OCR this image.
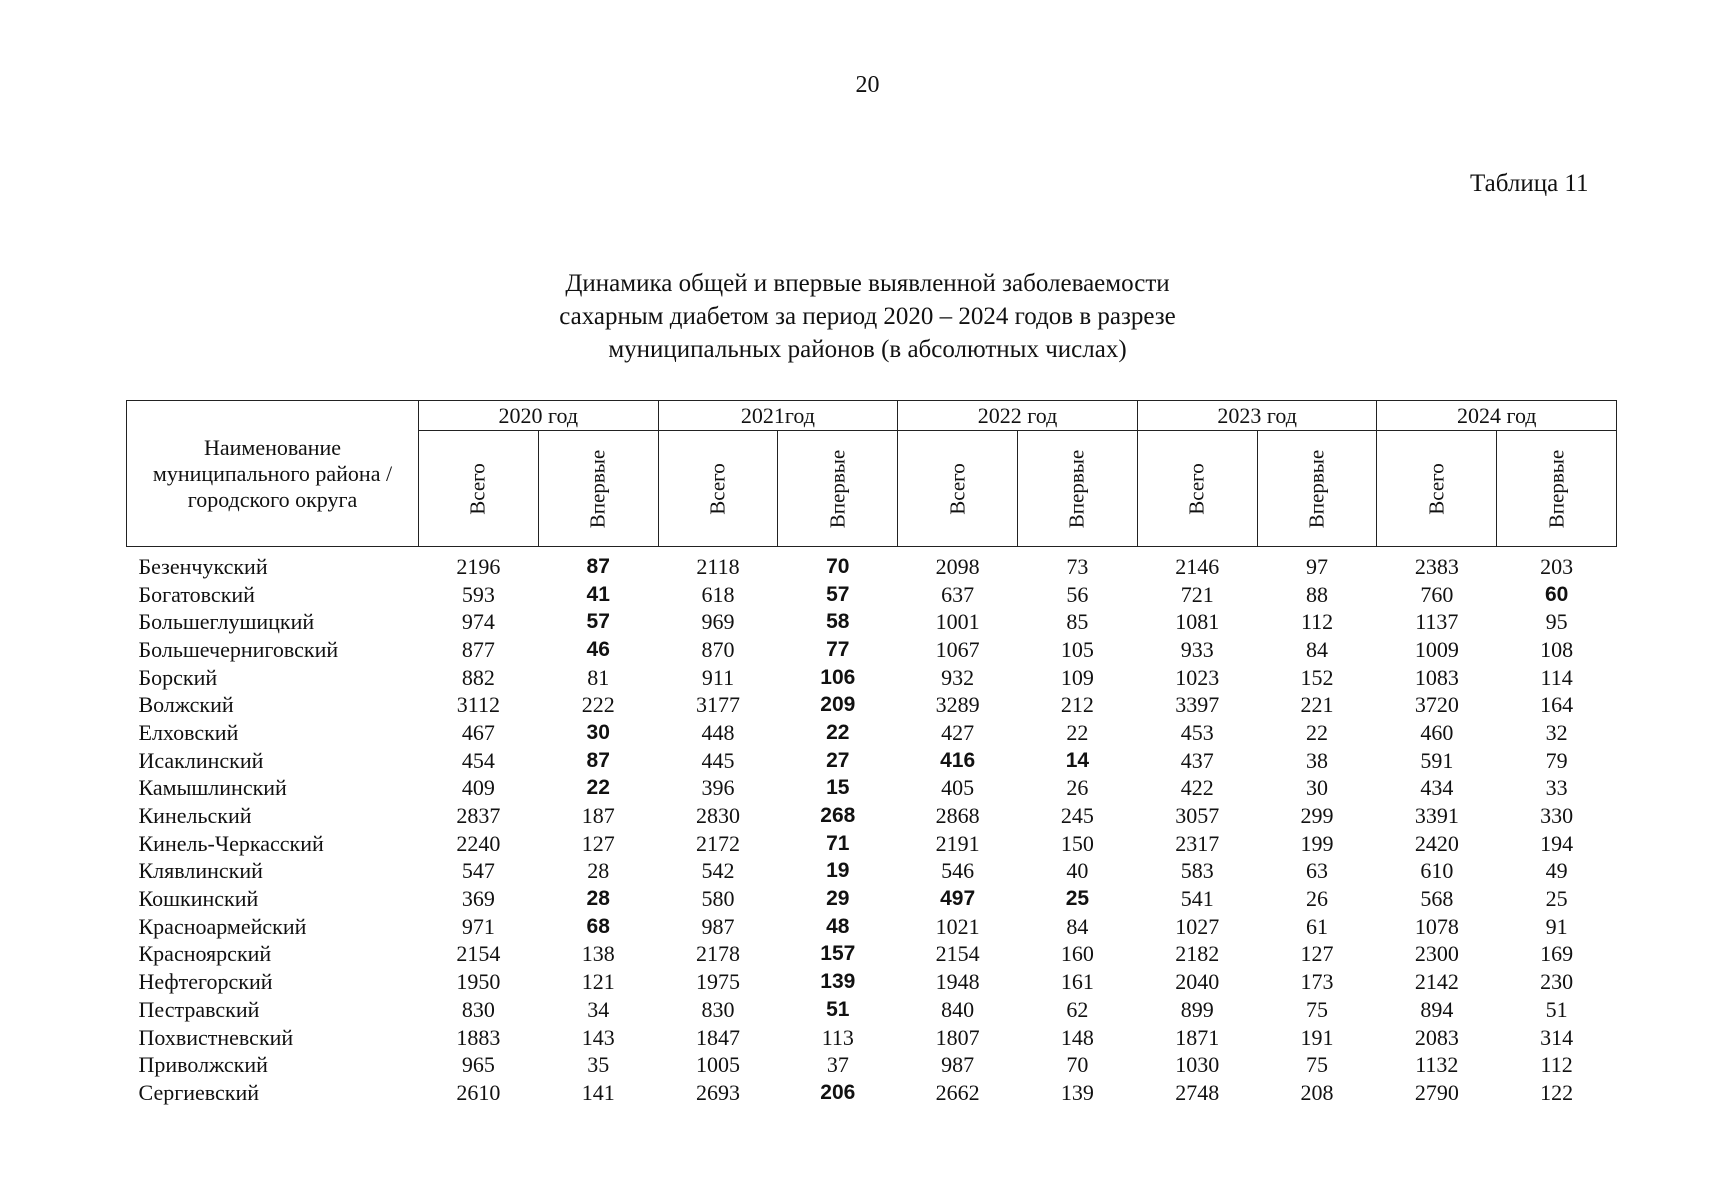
20
Таблица 11
Динамика общей и впервые выявленной заболеваемости
сахарным диабетом за период 2020 – 2024 годов в разрезе
муниципальных районов (в абсолютных числах)
Наименование
муниципального района /
городского округа	2020 год		2021год		2022 год		2023 год		2024 год	

	Всего	Впервые	Всего	Впервые	Всего	Впервые	Всего	Впервые	Всего	Впервые

Безенчукский	2196	87	2118	70	2098	73	2146	97	2383	203
Богатовский	593	41	618	57	637	56	721	88	760	60
Большеглушицкий	974	57	969	58	1001	85	1081	112	1137	95
Большечерниговский	877	46	870	77	1067	105	933	84	1009	108
Борский	882	81	911	106	932	109	1023	152	1083	114
Волжский	3112	222	3177	209	3289	212	3397	221	3720	164
Елховский	467	30	448	22	427	22	453	22	460	32
Исаклинский	454	87	445	27	416	14	437	38	591	79
Камышлинский	409	22	396	15	405	26	422	30	434	33
Кинельский	2837	187	2830	268	2868	245	3057	299	3391	330
Кинель-Черкасский	2240	127	2172	71	2191	150	2317	199	2420	194
Клявлинский	547	28	542	19	546	40	583	63	610	49
Кошкинский	369	28	580	29	497	25	541	26	568	25
Красноармейский	971	68	987	48	1021	84	1027	61	1078	91
Красноярский	2154	138	2178	157	2154	160	2182	127	2300	169
Нефтегорский	1950	121	1975	139	1948	161	2040	173	2142	230
Пестравский	830	34	830	51	840	62	899	75	894	51
Похвистневский	1883	143	1847	113	1807	148	1871	191	2083	314
Приволжский	965	35	1005	37	987	70	1030	75	1132	112
Сергиевский	2610	141	2693	206	2662	139	2748	208	2790	122
